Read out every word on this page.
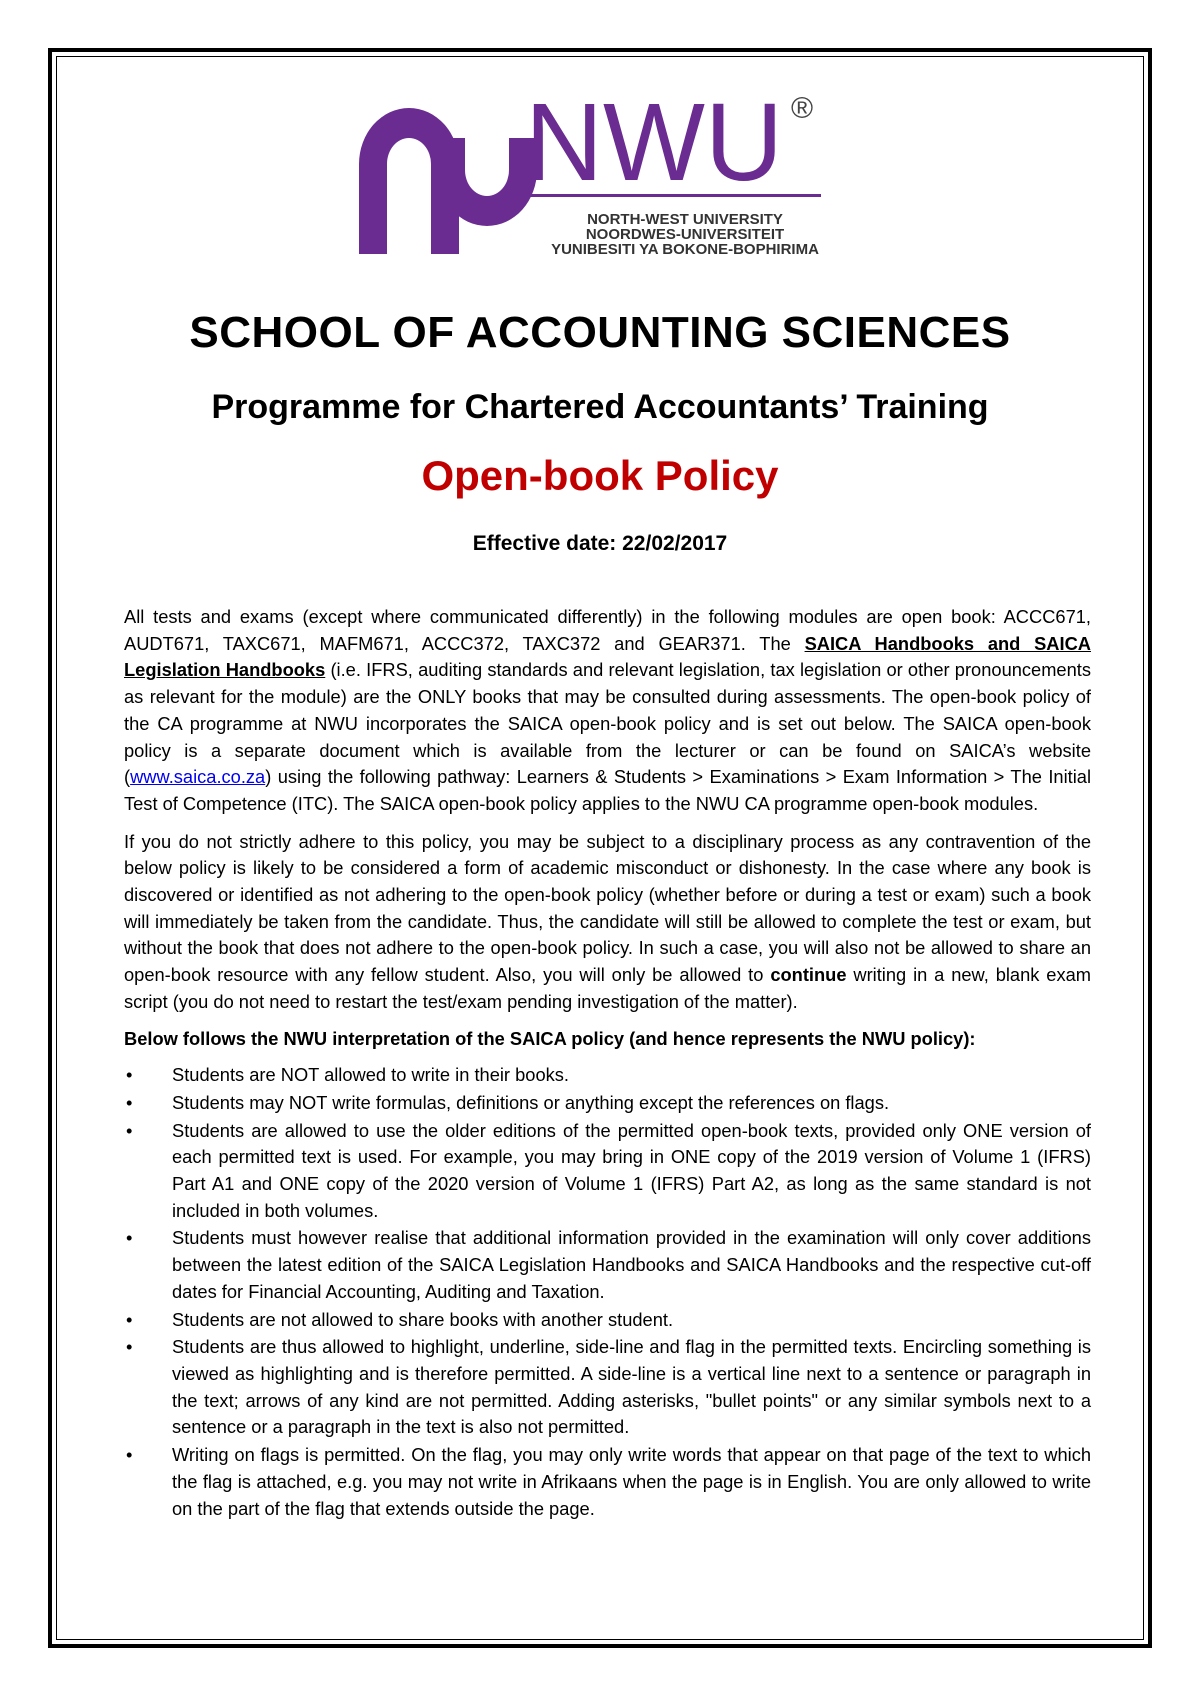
NWU ®
NORTH-WEST UNIVERSITY
NOORDWES-UNIVERSITEIT
YUNIBESITI YA BOKONE-BOPHIRIMA
SCHOOL OF ACCOUNTING SCIENCES
Programme for Chartered Accountants’ Training
Open-book Policy
Effective date: 22/02/2017

All tests and exams (except where communicated differently) in the following modules are open book: ACCC671, AUDT671, TAXC671, MAFM671, ACCC372, TAXC372 and GEAR371. The SAICA Handbooks and SAICA Legislation Handbooks (i.e. IFRS, auditing standards and relevant legislation, tax legislation or other pronouncements as relevant for the module) are the ONLY books that may be consulted during assessments. The open-book policy of the CA programme at NWU incorporates the SAICA open-book policy and is set out below. The SAICA open-book policy is a separate document which is available from the lecturer or can be found on SAICA’s website (www.saica.co.za) using the following pathway: Learners & Students > Examinations > Exam Information > The Initial Test of Competence (ITC). The SAICA open-book policy applies to the NWU CA programme open-book modules.

If you do not strictly adhere to this policy, you may be subject to a disciplinary process as any contravention of the below policy is likely to be considered a form of academic misconduct or dishonesty. In the case where any book is discovered or identified as not adhering to the open-book policy (whether before or during a test or exam) such a book will immediately be taken from the candidate. Thus, the candidate will still be allowed to complete the test or exam, but without the book that does not adhere to the open-book policy. In such a case, you will also not be allowed to share an open-book resource with any fellow student. Also, you will only be allowed to continue writing in a new, blank exam script (you do not need to restart the test/exam pending investigation of the matter).

Below follows the NWU interpretation of the SAICA policy (and hence represents the NWU policy):

•	Students are NOT allowed to write in their books.
•	Students may NOT write formulas, definitions or anything except the references on flags.
•	Students are allowed to use the older editions of the permitted open-book texts, provided only ONE version of each permitted text is used. For example, you may bring in ONE copy of the 2019 version of Volume 1 (IFRS) Part A1 and ONE copy of the 2020 version of Volume 1 (IFRS) Part A2, as long as the same standard is not included in both volumes.
•	Students must however realise that additional information provided in the examination will only cover additions between the latest edition of the SAICA Legislation Handbooks and SAICA Handbooks and the respective cut-off dates for Financial Accounting, Auditing and Taxation.
•	Students are not allowed to share books with another student.
•	Students are thus allowed to highlight, underline, side-line and flag in the permitted texts. Encircling something is viewed as highlighting and is therefore permitted. A side-line is a vertical line next to a sentence or paragraph in the text; arrows of any kind are not permitted. Adding asterisks, "bullet points" or any similar symbols next to a sentence or a paragraph in the text is also not permitted.
•	Writing on flags is permitted. On the flag, you may only write words that appear on that page of the text to which the flag is attached, e.g. you may not write in Afrikaans when the page is in English. You are only allowed to write on the part of the flag that extends outside the page.
